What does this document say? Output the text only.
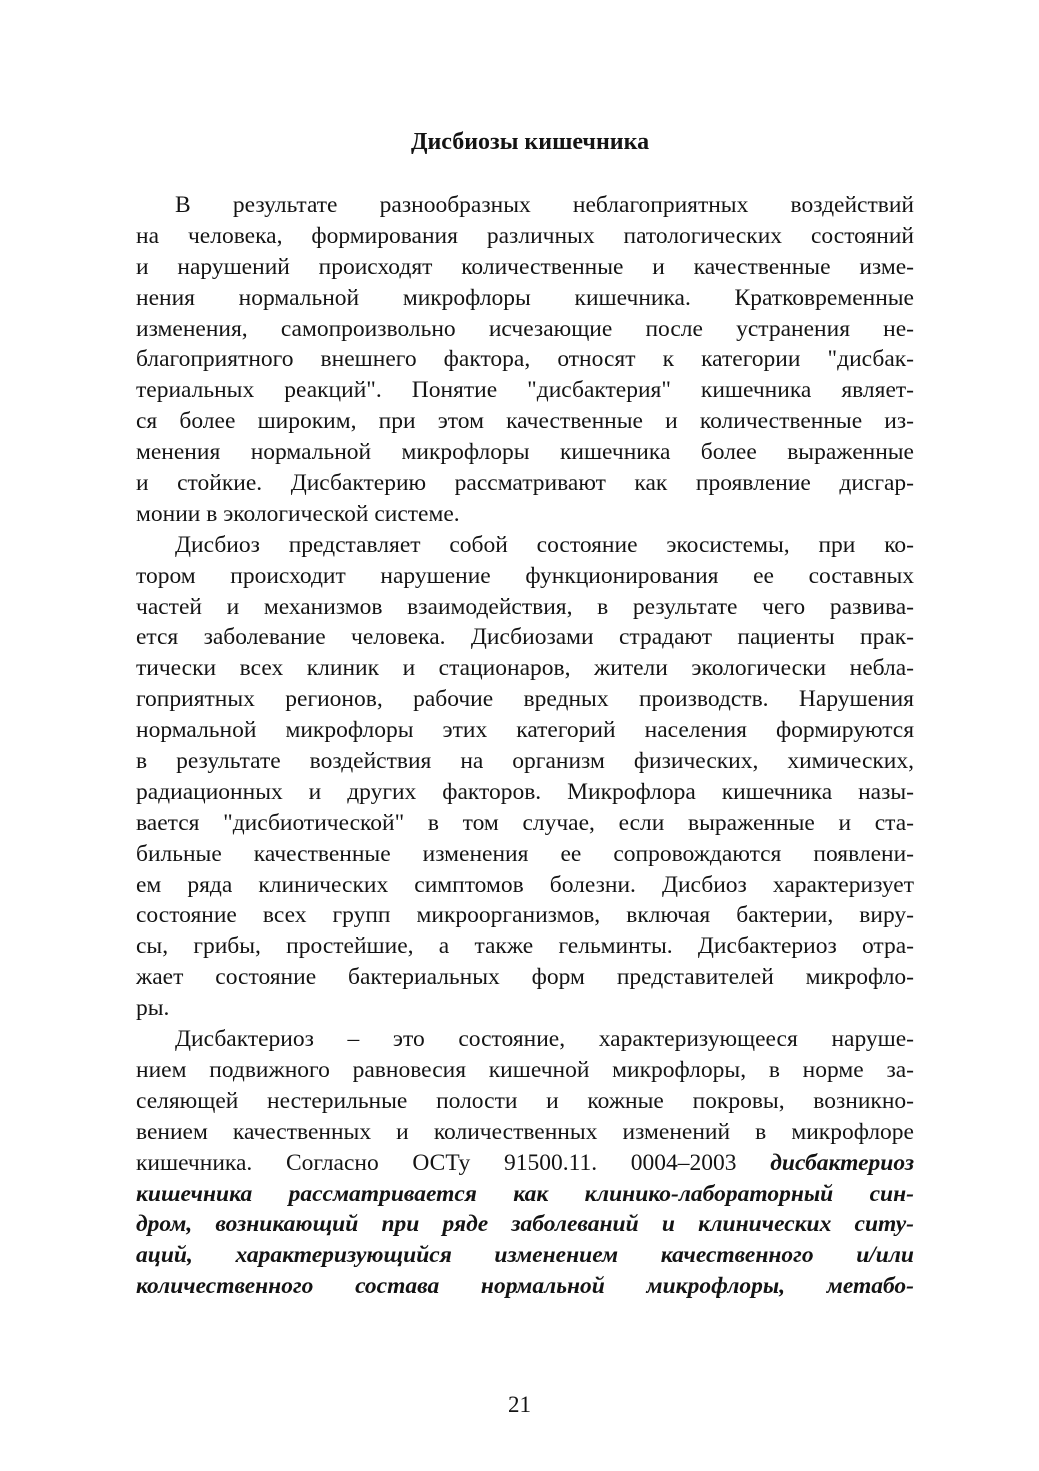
Дисбиозы кишечника
В результате разнообразных неблагоприятных воздействий
на человека, формирования различных патологических состояний
и нарушений происходят количественные и качественные изме-
нения нормальной микрофлоры кишечника. Кратковременные
изменения, самопроизвольно исчезающие после устранения не-
благоприятного внешнего фактора, относят к категории "дисбак-
териальных реакций". Понятие "дисбактерия" кишечника являет-
ся более широким, при этом качественные и количественные из-
менения нормальной микрофлоры кишечника более выраженные
и стойкие. Дисбактерию рассматривают как проявление дисгар-
монии в экологической системе.
Дисбиоз представляет собой состояние экосистемы, при ко-
тором происходит нарушение функционирования ее составных
частей и механизмов взаимодействия, в результате чего развива-
ется заболевание человека. Дисбиозами страдают пациенты прак-
тически всех клиник и стационаров, жители экологически небла-
гоприятных регионов, рабочие вредных производств. Нарушения
нормальной микрофлоры этих категорий населения формируются
в результате воздействия на организм физических, химических,
радиационных и других факторов. Микрофлора кишечника назы-
вается "дисбиотической" в том случае, если выраженные и ста-
бильные качественные изменения ее сопровождаются появлени-
ем ряда клинических симптомов болезни. Дисбиоз характеризует
состояние всех групп микроорганизмов, включая бактерии, виру-
сы, грибы, простейшие, а также гельминты. Дисбактериоз отра-
жает состояние бактериальных форм представителей микрофло-
ры.
Дисбактериоз – это состояние, характеризующееся наруше-
нием подвижного равновесия кишечной микрофлоры, в норме за-
селяющей нестерильные полости и кожные покровы, возникно-
вением качественных и количественных изменений в микрофлоре
кишечника. Согласно ОСТу 91500.11. 0004–2003 дисбактериоз
кишечника рассматривается как клинико-лабораторный син-
дром, возникающий при ряде заболеваний и клинических ситу-
аций, характеризующийся изменением качественного и/или
количественного состава нормальной микрофлоры, метабо-
21
